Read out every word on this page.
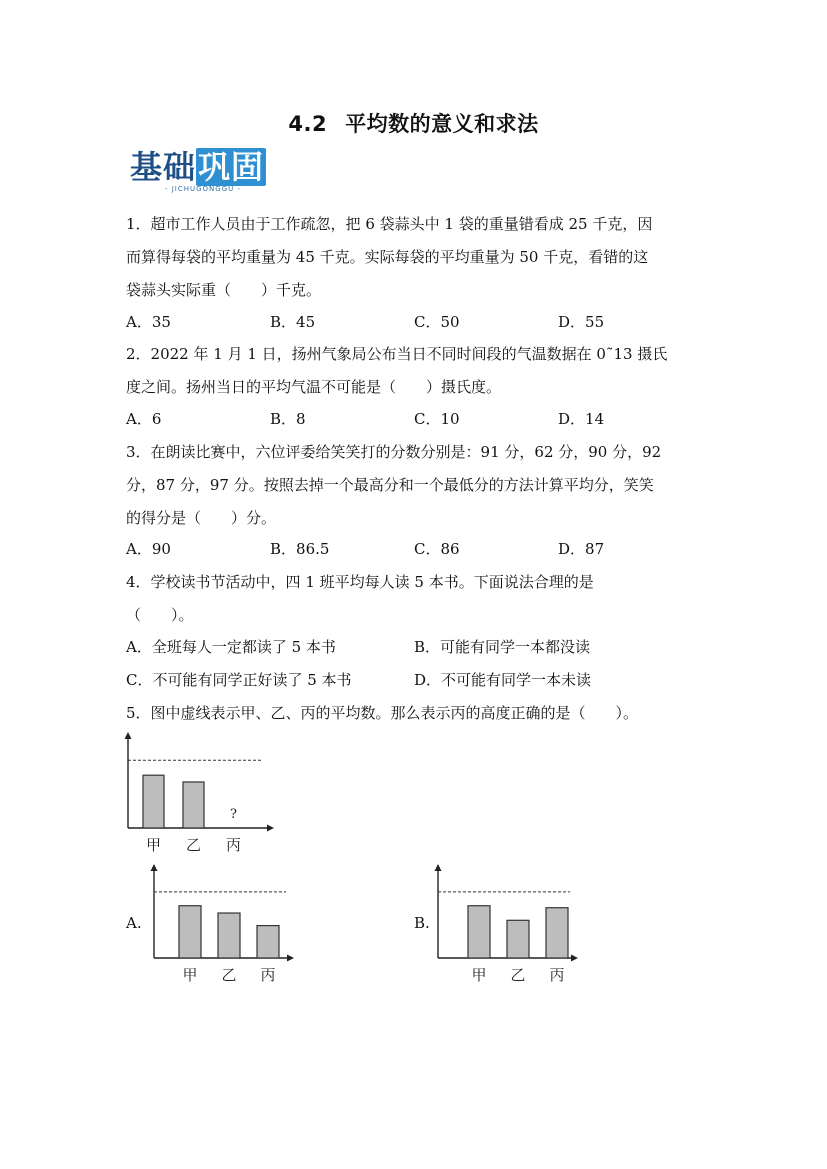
4.2 平均数的意义和求法
基础巩固
- JICHUGONGGU -
1．超市工作人员由于工作疏忽，把 6 袋蒜头中 1 袋的重量错看成 25 千克，因
而算得每袋的平均重量为 45 千克。实际每袋的平均重量为 50 千克，看错的这
袋蒜头实际重（　　）千克。
A．35	B．45	C．50	D．55
2．2022 年 1 月 1 日，扬州气象局公布当日不同时间段的气温数据在 0˜13 摄氏
度之间。扬州当日的平均气温不可能是（　　）摄氏度。
A．6	B．8	C．10	D．14
3．在朗读比赛中，六位评委给笑笑打的分数分别是：91 分，62 分，90 分，92
分，87 分，97 分。按照去掉一个最高分和一个最低分的方法计算平均分，笑笑
的得分是（　　）分。
A．90	B．86.5	C．86	D．87
4．学校读书节活动中，四 1 班平均每人读 5 本书。下面说法合理的是
（　　）。
A．全班每人一定都读了 5 本书	B．可能有同学一本都没读
C．不可能有同学正好读了 5 本书	D．不可能有同学一本未读
5．图中虚线表示甲、乙、丙的平均数。那么表示丙的高度正确的是（　　）。
甲 乙
?
丙
A.
甲 乙 丙
B.
甲 乙 丙
